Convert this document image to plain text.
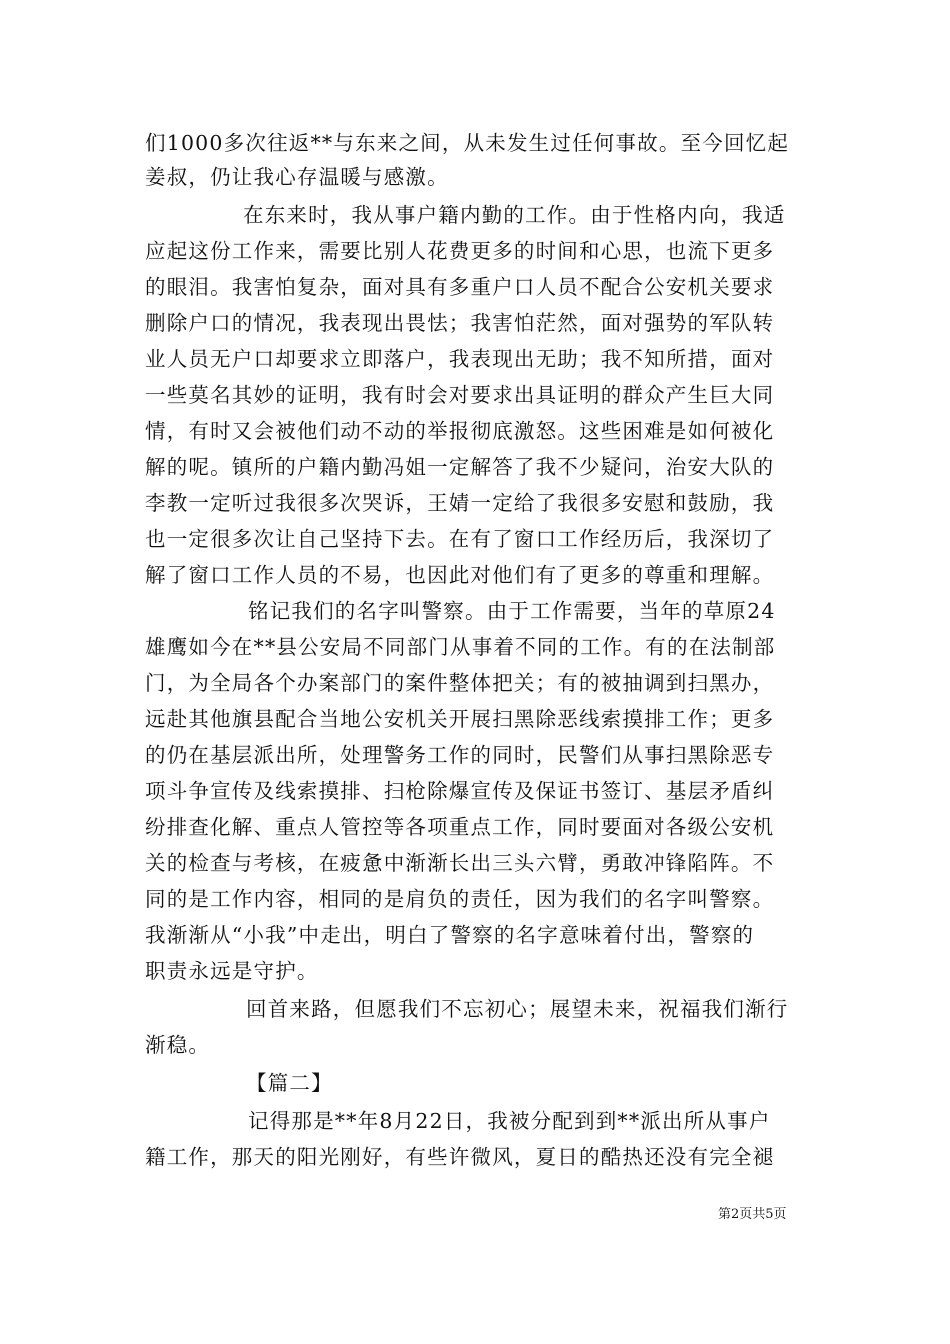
们1000多次往返**与东来之间，从未发生过任何事故。至今回忆起
姜叔，仍让我心存温暖与感激。
在东来时，我从事户籍内勤的工作。由于性格内向，我适
应起这份工作来，需要比别人花费更多的时间和心思，也流下更多
的眼泪。我害怕复杂，面对具有多重户口人员不配合公安机关要求
删除户口的情况，我表现出畏怯；我害怕茫然，面对强势的军队转
业人员无户口却要求立即落户，我表现出无助；我不知所措，面对
一些莫名其妙的证明，我有时会对要求出具证明的群众产生巨大同
情，有时又会被他们动不动的举报彻底激怒。这些困难是如何被化
解的呢。镇所的户籍内勤冯姐一定解答了我不少疑问，治安大队的
李教一定听过我很多次哭诉，王婧一定给了我很多安慰和鼓励，我
也一定很多次让自己坚持下去。在有了窗口工作经历后，我深切了
解了窗口工作人员的不易，也因此对他们有了更多的尊重和理解。
铭记我们的名字叫警察。由于工作需要，当年的草原24
雄鹰如今在**县公安局不同部门从事着不同的工作。有的在法制部
门，为全局各个办案部门的案件整体把关；有的被抽调到扫黑办，
远赴其他旗县配合当地公安机关开展扫黑除恶线索摸排工作；更多
的仍在基层派出所，处理警务工作的同时，民警们从事扫黑除恶专
项斗争宣传及线索摸排、扫枪除爆宣传及保证书签订、基层矛盾纠
纷排查化解、重点人管控等各项重点工作，同时要面对各级公安机
关的检查与考核，在疲惫中渐渐长出三头六臂，勇敢冲锋陷阵。不
同的是工作内容，相同的是肩负的责任，因为我们的名字叫警察。
我渐渐从“小我”中走出，明白了警察的名字意味着付出，警察的
职责永远是守护。
回首来路，但愿我们不忘初心；展望未来，祝福我们渐行
渐稳。
【篇二】
记得那是**年8月22日，我被分配到到**派出所从事户
籍工作，那天的阳光刚好，有些许微风，夏日的酷热还没有完全褪
第2页共5页
